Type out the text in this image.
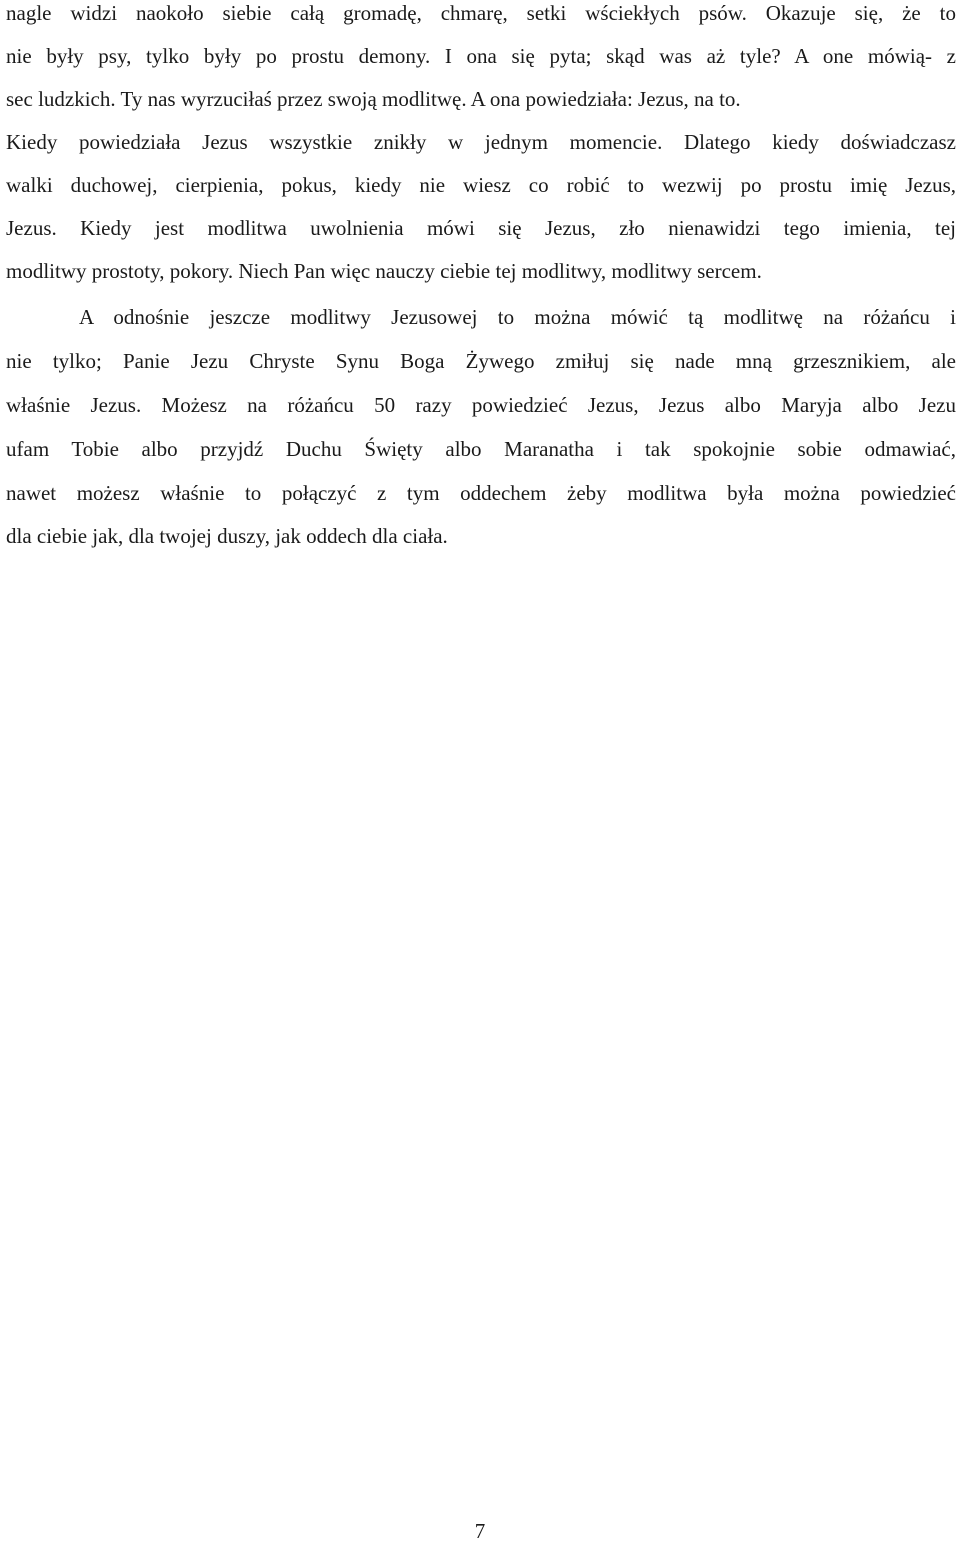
nagle widzi naokoło siebie całą gromadę, chmarę, setki wściekłych psów. Okazuje się, że to
nie były psy, tylko były po prostu demony. I ona się pyta; skąd was aż tyle? A one mówią- z
sec ludzkich. Ty nas wyrzuciłaś przez swoją modlitwę. A ona powiedziała: Jezus, na to.
Kiedy powiedziała Jezus wszystkie znikły w jednym momencie. Dlatego kiedy doświadczasz
walki duchowej, cierpienia, pokus, kiedy nie wiesz co robić to wezwij po prostu imię Jezus,
Jezus. Kiedy jest modlitwa uwolnienia mówi się Jezus, zło nienawidzi tego imienia, tej
modlitwy prostoty, pokory. Niech Pan więc nauczy ciebie tej modlitwy, modlitwy sercem.
A odnośnie jeszcze modlitwy Jezusowej to można mówić tą modlitwę na różańcu i
nie tylko; Panie Jezu Chryste Synu Boga Żywego zmiłuj się nade mną grzesznikiem, ale
właśnie Jezus. Możesz na różańcu 50 razy powiedzieć Jezus, Jezus albo Maryja albo Jezu
ufam Tobie albo przyjdź Duchu Święty albo Maranatha i tak spokojnie sobie odmawiać,
nawet możesz właśnie to połączyć z tym oddechem żeby modlitwa była można powiedzieć
dla ciebie jak, dla twojej duszy, jak oddech dla ciała.
7
